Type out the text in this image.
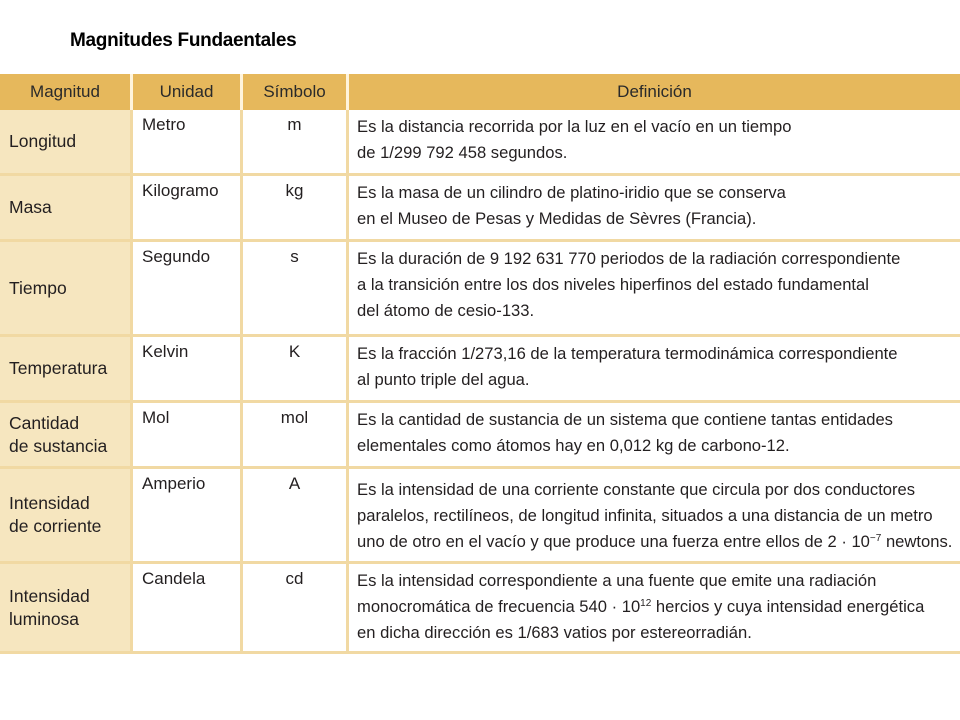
Magnitudes Fundaentales
Magnitud	Unidad	Símbolo	Definición

Longitud	Metro	m	Es la distancia recorrida por la luz en el vacío en un tiempo
de 1/299 792 458 segundos.

Masa	Kilogramo	kg	Es la masa de un cilindro de platino-iridio que se conserva
en el Museo de Pesas y Medidas de Sèvres (Francia).

Tiempo	Segundo	s	Es la duración de 9 192 631 770 periodos de la radiación correspondiente
a la transición entre los dos niveles hiperfinos del estado fundamental
del átomo de cesio-133.

Temperatura	Kelvin	K	Es la fracción 1/273,16 de la temperatura termodinámica correspondiente
al punto triple del agua.

Cantidad
de sustancia	Mol	mol	Es la cantidad de sustancia de un sistema que contiene tantas entidades
elementales como átomos hay en 0,012 kg de carbono-12.

Intensidad
de corriente	Amperio	A	Es la intensidad de una corriente constante que circula por dos conductores
paralelos, rectilíneos, de longitud infinita, situados a una distancia de un metro
uno de otro en el vacío y que produce una fuerza entre ellos de $2 \cdot 10^{-7}$ newtons.

Intensidad
luminosa	Candela	cd	Es la intensidad correspondiente a una fuente que emite una radiación
monocromática de frecuencia $540 \cdot 10^{12}$ hercios y cuya intensidad energética
en dicha dirección es 1/683 vatios por estereorradián.
